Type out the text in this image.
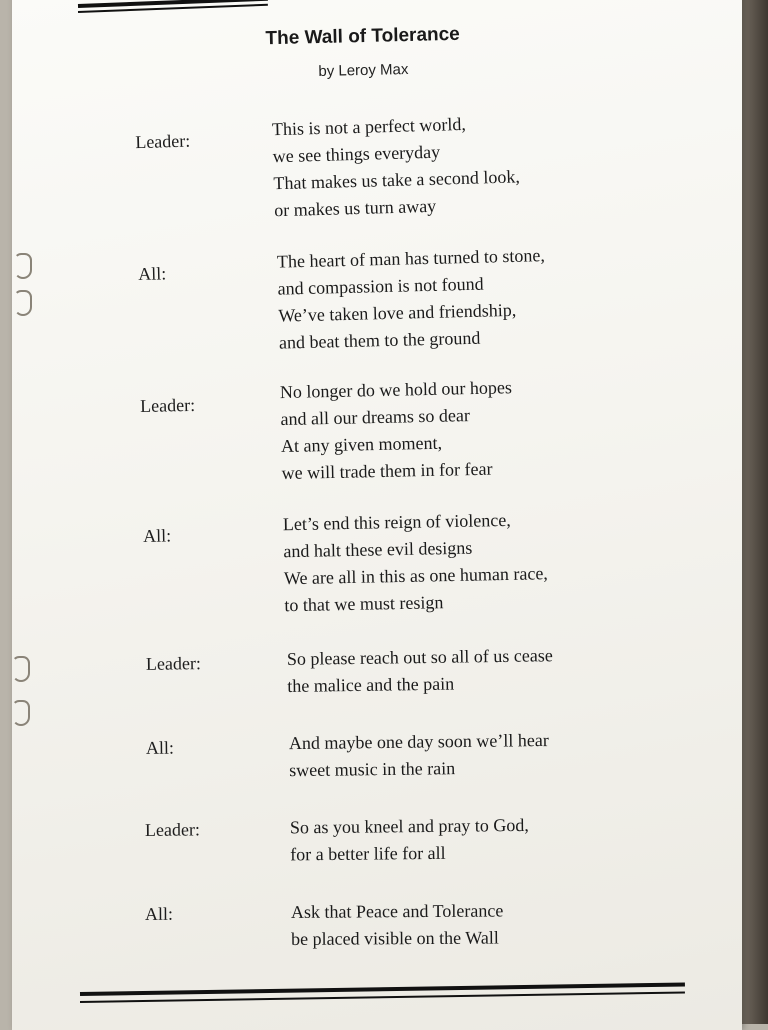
The Wall of Tolerance
by Leroy Max
Leader:
This is not a perfect world,
we see things everyday
That makes us take a second look,
or makes us turn away
All:
The heart of man has turned to stone,
and compassion is not found
We’ve taken love and friendship,
and beat them to the ground
Leader:
No longer do we hold our hopes
and all our dreams so dear
At any given moment,
we will trade them in for fear
All:
Let’s end this reign of violence,
and halt these evil designs
We are all in this as one human race,
to that we must resign
Leader:	So please reach out so all of us cease
the malice and the pain
All:	And maybe one day soon we’ll hear
sweet music in the rain
Leader:	So as you kneel and pray to God,
for a better life for all
All:	Ask that Peace and Tolerance
be placed visible on the Wall
